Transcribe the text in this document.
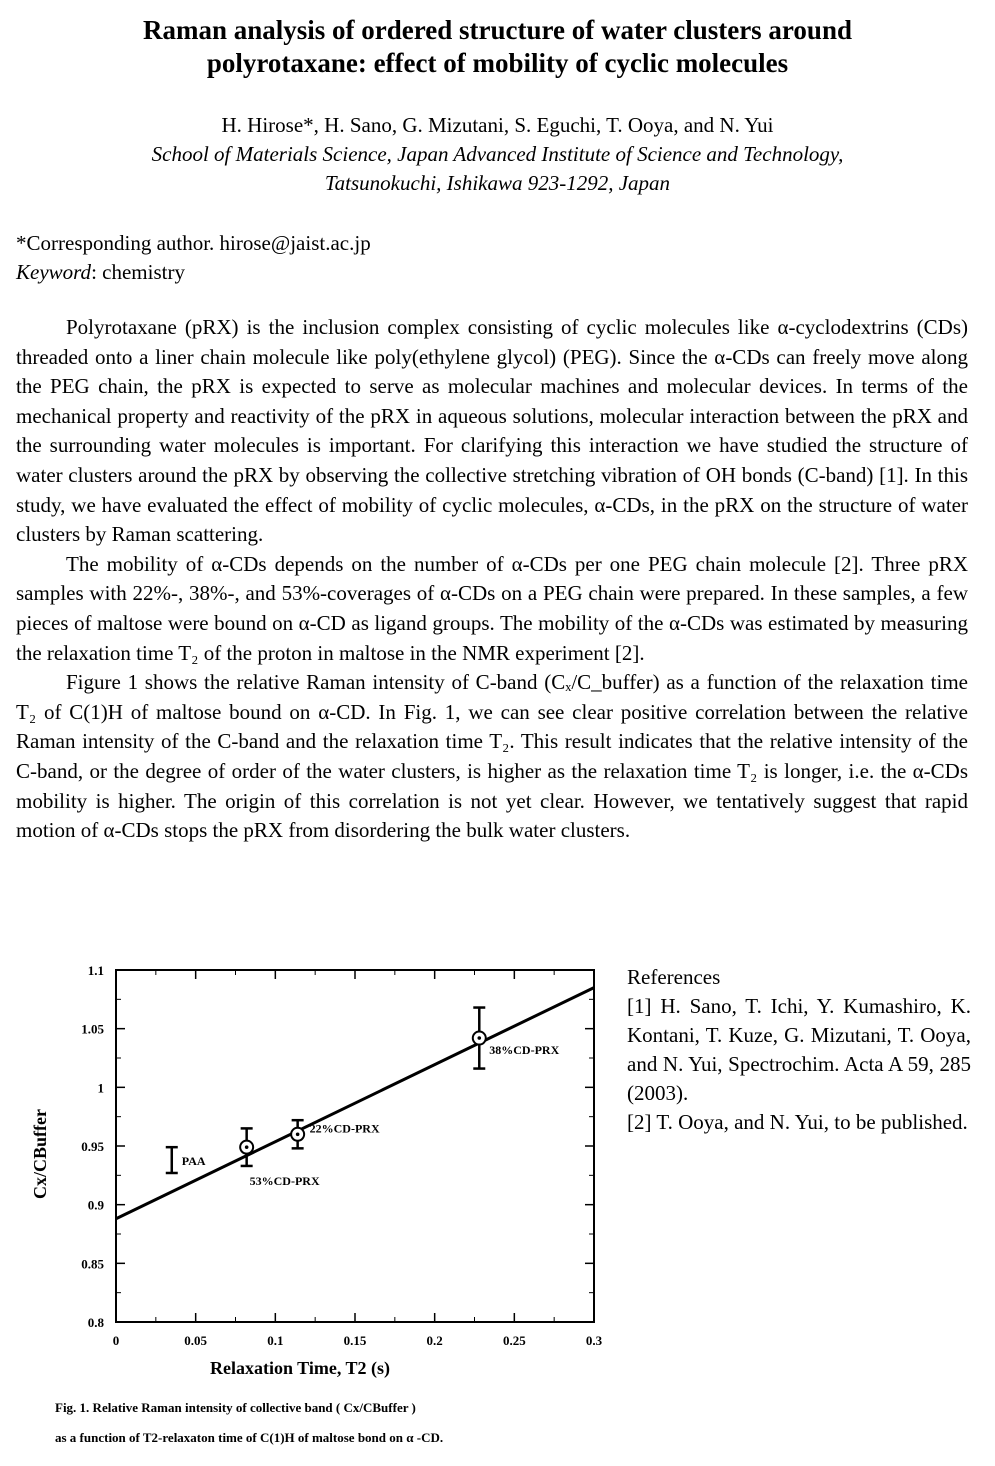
Raman analysis of ordered structure of water clusters around
polyrotaxane: effect of mobility of cyclic molecules
H. Hirose*, H. Sano, G. Mizutani, S. Eguchi, T. Ooya, and N. Yui
School of Materials Science, Japan Advanced Institute of Science and Technology,
Tatsunokuchi, Ishikawa 923-1292, Japan
*Corresponding author. hirose@jaist.ac.jp
Keyword: chemistry

Polyrotaxane (pRX) is the inclusion complex consisting of cyclic molecules like α-cyclodextrins (CDs) threaded onto a liner chain molecule like poly(ethylene glycol) (PEG). Since the α-CDs can freely move along the PEG chain, the pRX is expected to serve as molecular machines and molecular devices. In terms of the mechanical property and reactivity of the pRX in aqueous solutions, molecular interaction between the pRX and the surrounding water molecules is important. For clarifying this interaction we have studied the structure of water clusters around the pRX by observing the collective stretching vibration of OH bonds (C-band) [1]. In this study, we have evaluated the effect of mobility of cyclic molecules, α-CDs, in the pRX on the structure of water clusters by Raman scattering.

The mobility of α-CDs depends on the number of α-CDs per one PEG chain molecule [2]. Three pRX samples with 22%-, 38%-, and 53%-coverages of α-CDs on a PEG chain were prepared. In these samples, a few pieces of maltose were bound on α-CD as ligand groups. The mobility of the α-CDs was estimated by measuring the relaxation time T₂ of the proton in maltose in the NMR experiment [2].

Figure 1 shows the relative Raman intensity of C-band (Cₓ/C_buffer) as a function of the relaxation time T₂ of C(1)H of maltose bound on α-CD. In Fig. 1, we can see clear positive correlation between the relative Raman intensity of the C-band and the relaxation time T₂. This result indicates that the relative intensity of the C-band, or the degree of order of the water clusters, is higher as the relaxation time T₂ is longer, i.e. the α-CDs mobility is higher. The origin of this correlation is not yet clear. However, we tentatively suggest that rapid motion of α-CDs stops the pRX from disordering the bulk water clusters.

0	0.05	0.1	0.15	0.2	0.25	0.3
0.8
0.85
0.9
0.95
1
1.05
1.1
53%CD-PRX
22%CD-PRX
38%CD-PRX
PAA
Relaxation Time, T2 (s)
Cx/CBuffer

References

[1] H. Sano, T. Ichi, Y. Kumashiro, K. Kontani, T. Kuze, G. Mizutani, T. Ooya, and N. Yui, Spectrochim. Acta A 59, 285 (2003).

[2] T. Ooya, and N. Yui, to be published.

Fig. 1. Relative Raman intensity of collective band ( Cx/CBuffer )
as a function of T2-relaxaton time of C(1)H of maltose bond on α -CD.
